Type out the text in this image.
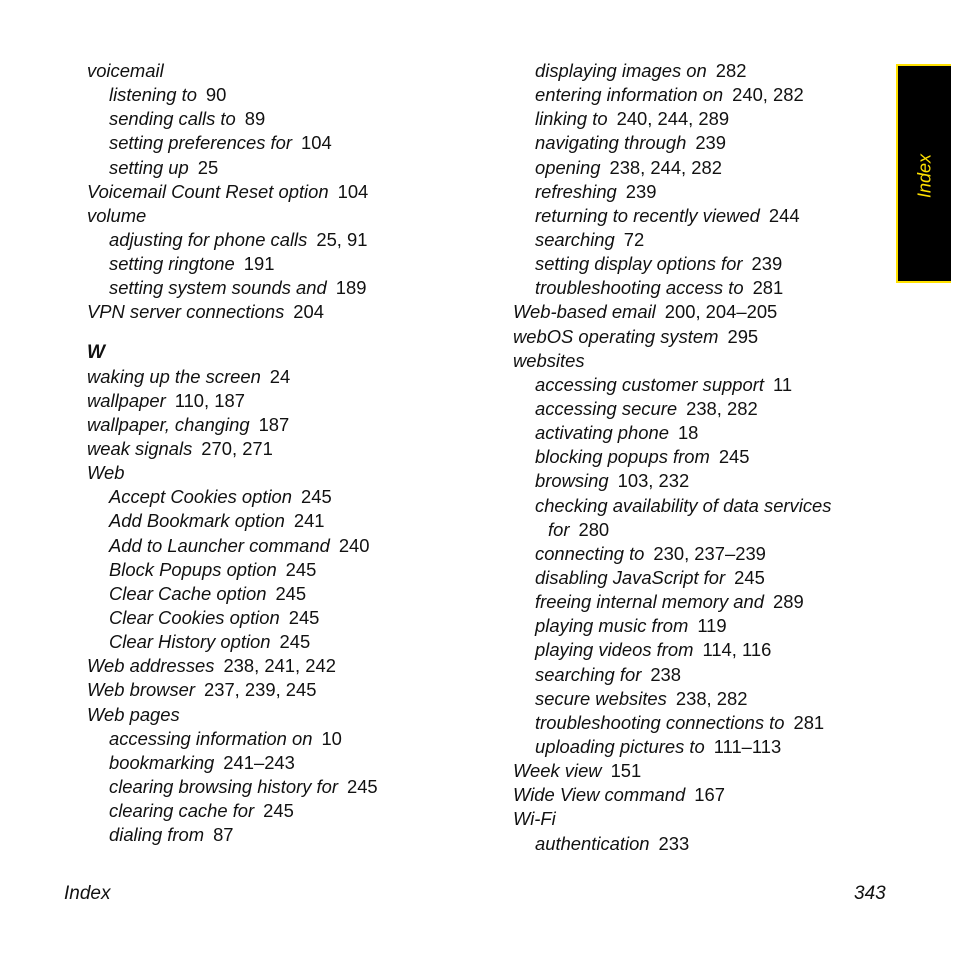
voicemail
listening to 90
sending calls to 89
setting preferences for 104
setting up 25
Voicemail Count Reset option 104
volume
adjusting for phone calls 25, 91
setting ringtone 191
setting system sounds and 189
VPN server connections 204
W
waking up the screen 24
wallpaper 110, 187
wallpaper, changing 187
weak signals 270, 271
Web
Accept Cookies option 245
Add Bookmark option 241
Add to Launcher command 240
Block Popups option 245
Clear Cache option 245
Clear Cookies option 245
Clear History option 245
Web addresses 238, 241, 242
Web browser 237, 239, 245
Web pages
accessing information on 10
bookmarking 241–243
clearing browsing history for 245
clearing cache for 245
dialing from 87
displaying images on 282
entering information on 240, 282
linking to 240, 244, 289
navigating through 239
opening 238, 244, 282
refreshing 239
returning to recently viewed 244
searching 72
setting display options for 239
troubleshooting access to 281
Web-based email 200, 204–205
webOS operating system 295
websites
accessing customer support 11
accessing secure 238, 282
activating phone 18
blocking popups from 245
browsing 103, 232
checking availability of data services
for 280
connecting to 230, 237–239
disabling JavaScript for 245
freeing internal memory and 289
playing music from 119
playing videos from 114, 116
searching for 238
secure websites 238, 282
troubleshooting connections to 281
uploading pictures to 111–113
Week view 151
Wide View command 167
Wi-Fi
authentication 233
Index
Index	343
